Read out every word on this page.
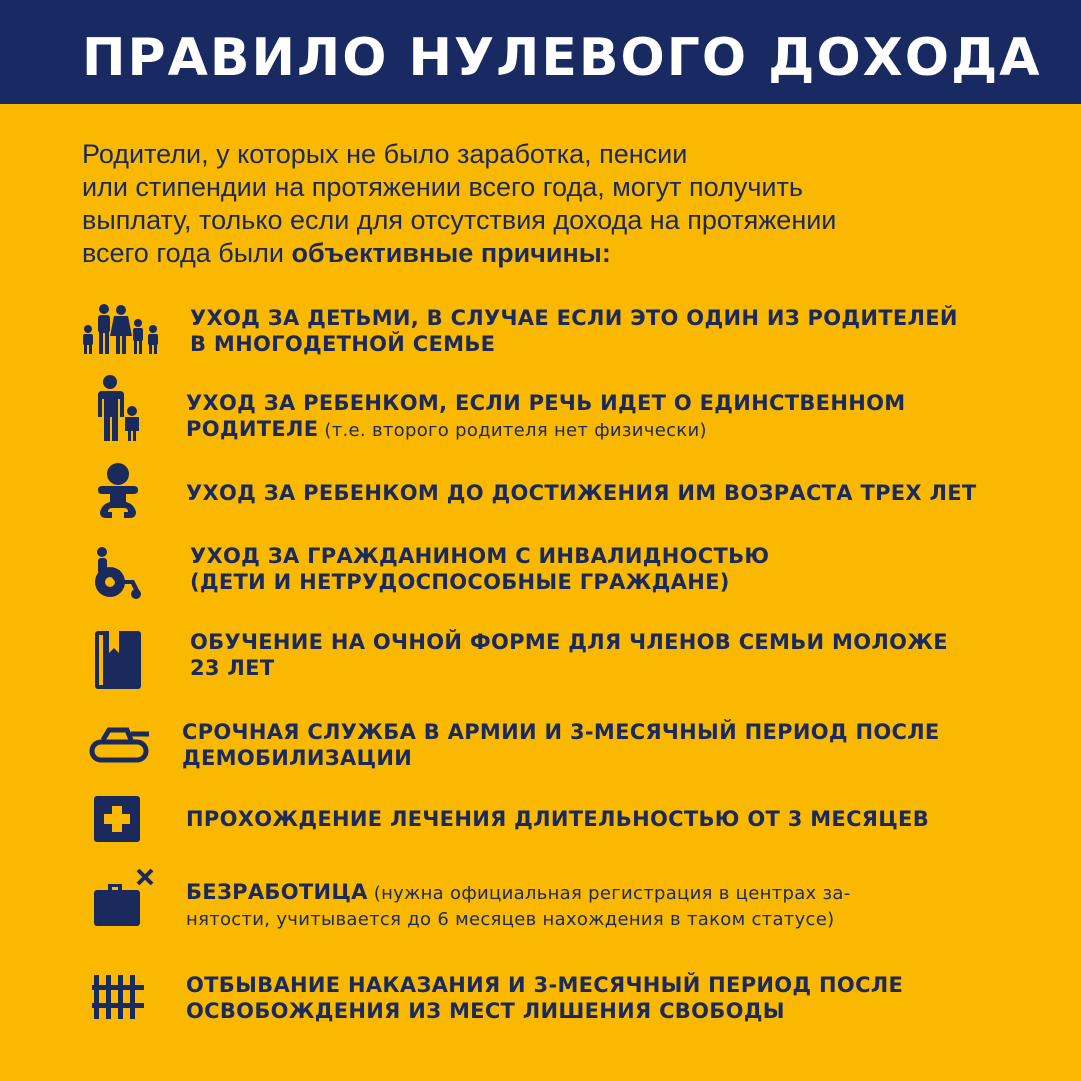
ПРАВИЛО НУЛЕВОГО ДОХОДА
Родители, у которых не было заработка, пенсии
или стипендии на протяжении всего года, могут получить
выплату, только если для отсутствия дохода на протяжении
всего года были объективные причины:
УХОД ЗА ДЕТЬМИ, В СЛУЧАЕ ЕСЛИ ЭТО ОДИН ИЗ РОДИТЕЛЕЙ
В МНОГОДЕТНОЙ СЕМЬЕ
УХОД ЗА РЕБЕНКОМ, ЕСЛИ РЕЧЬ ИДЕТ О ЕДИНСТВЕННОМ
РОДИТЕЛЕ (т.е. второго родителя нет физически)
УХОД ЗА РЕБЕНКОМ ДО ДОСТИЖЕНИЯ ИМ ВОЗРАСТА ТРЕХ ЛЕТ
УХОД ЗА ГРАЖДАНИНОМ С ИНВАЛИДНОСТЬЮ
(ДЕТИ И НЕТРУДОСПОСОБНЫЕ ГРАЖДАНЕ)
ОБУЧЕНИЕ НА ОЧНОЙ ФОРМЕ ДЛЯ ЧЛЕНОВ СЕМЬИ МОЛОЖЕ
23 ЛЕТ
СРОЧНАЯ СЛУЖБА В АРМИИ И 3-МЕСЯЧНЫЙ ПЕРИОД ПОСЛЕ
ДЕМОБИЛИЗАЦИИ
ПРОХОЖДЕНИЕ ЛЕЧЕНИЯ ДЛИТЕЛЬНОСТЬЮ ОТ 3 МЕСЯЦЕВ
БЕЗРАБОТИЦА (нужна официальная регистрация в центрах за-
нятости, учитывается до 6 месяцев нахождения в таком статусе)
ОТБЫВАНИЕ НАКАЗАНИЯ И 3-МЕСЯЧНЫЙ ПЕРИОД ПОСЛЕ
ОСВОБОЖДЕНИЯ ИЗ МЕСТ ЛИШЕНИЯ СВОБОДЫ
